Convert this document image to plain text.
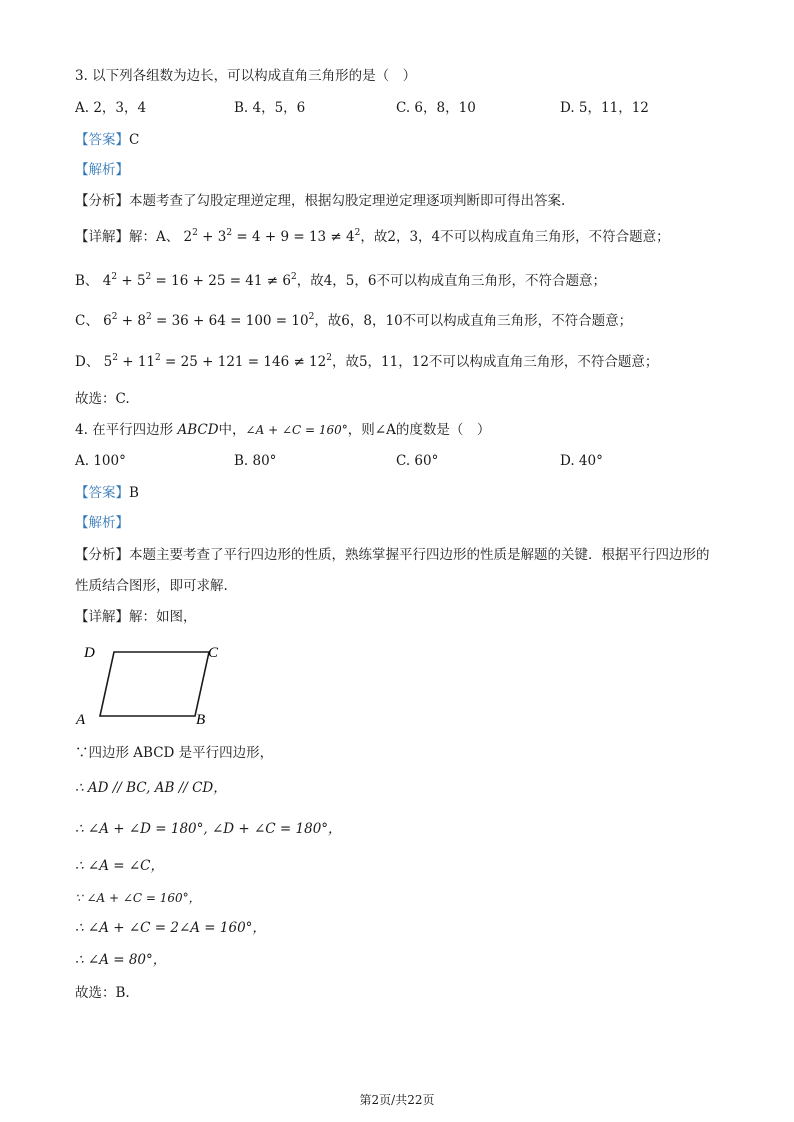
3. 以下列各组数为边长，可以构成直角三角形的是（　）
A. 2，3，4	B. 4，5，6	C. 6，8，10	D. 5，11，12
【答案】C
【解析】
【分析】本题考查了勾股定理逆定理，根据勾股定理逆定理逐项判断即可得出答案.
【详解】解：A、 $2^2 + 3^2 = 4 + 9 = 13 \ne 4^2$，故2，3，4不可以构成直角三角形，不符合题意；
B、 $4^2 + 5^2 = 16 + 25 = 41 \ne 6^2$，故4，5，6不可以构成直角三角形，不符合题意；
C、 $6^2 + 8^2 = 36 + 64 = 100 = 10^2$，故6，8，10不可以构成直角三角形，不符合题意；
D、 $5^2 + 11^2 = 25 + 121 = 146 \ne 12^2$，故5，11，12不可以构成直角三角形，不符合题意；
故选：C.
4. 在平行四边形 ABCD中，∠A + ∠C = 160°，则∠A的度数是（　）
A. 100°	B. 80°	C. 60°	D. 40°
【答案】B
【解析】
【分析】本题主要考查了平行四边形的性质，熟练掌握平行四边形的性质是解题的关键．根据平行四边形的
性质结合图形，即可求解.
【详解】解：如图，
D	C
A	B
∵四边形 ABCD 是平行四边形，
∴ AD // BC, AB // CD，
∴ ∠A + ∠D = 180°, ∠D + ∠C = 180°，
∴ ∠A = ∠C，
∵ ∠A + ∠C = 160°，
∴ ∠A + ∠C = 2∠A = 160°，
∴ ∠A = 80°，
故选：B.
第2页/共22页
